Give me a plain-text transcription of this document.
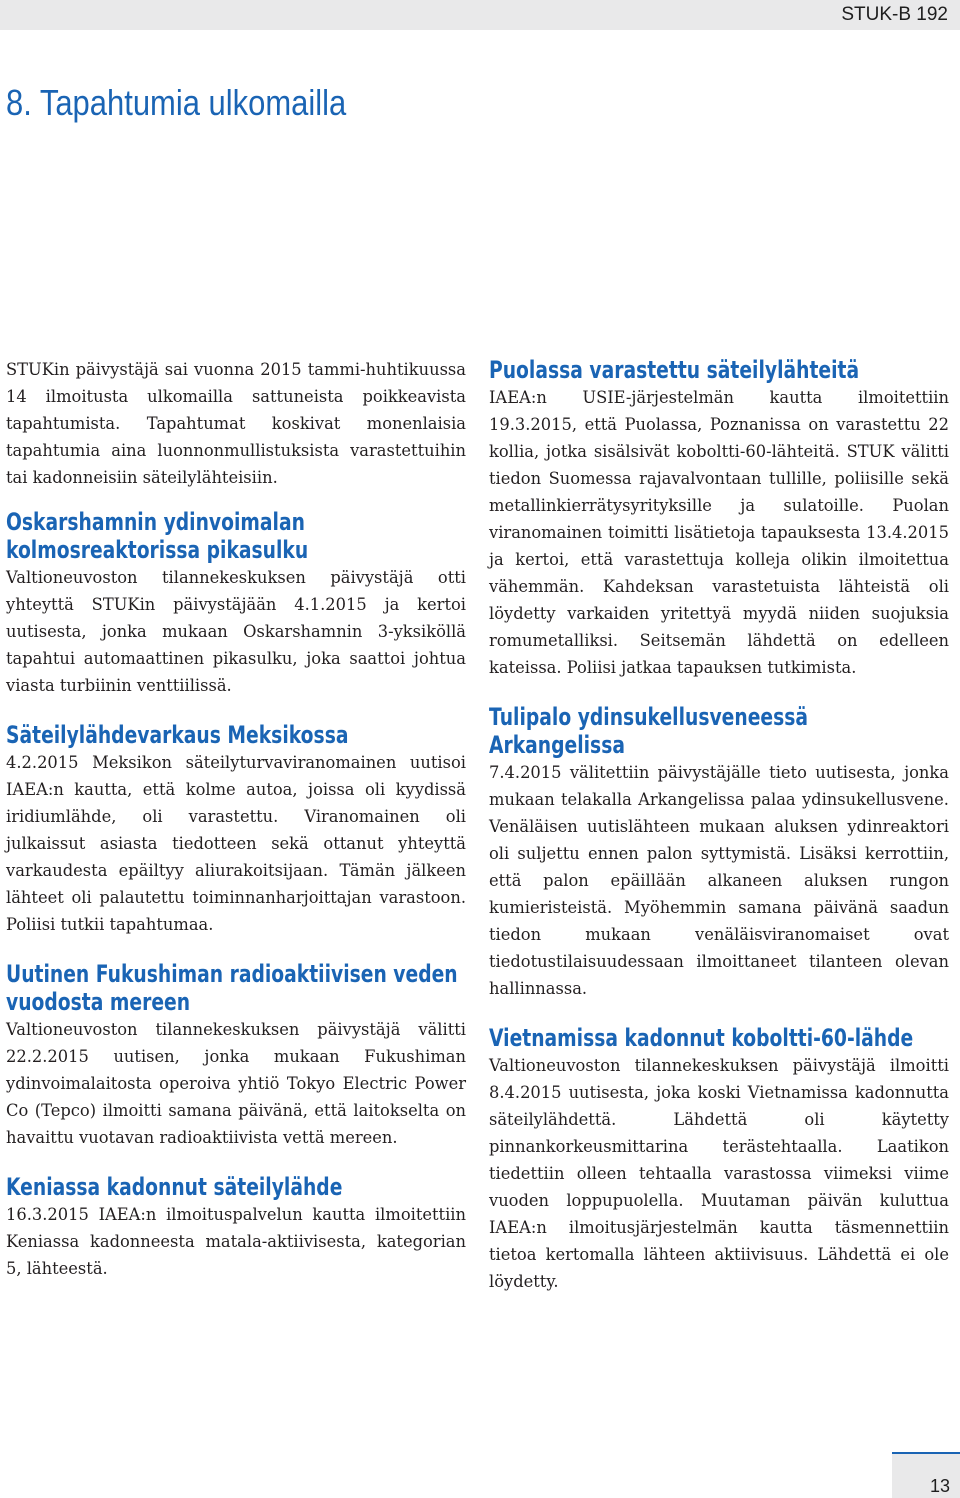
STUK-B 192
8. Tapahtumia ulkomailla

STUKin päivystäjä sai vuonna 2015 tammi-huhtikuussa 14 ilmoitusta ulkomailla sattuneista poikkeavista tapahtumista. Tapahtumat koskivat monenlaisia tapahtumia aina luonnonmullistuksista varastettuihin tai kadonneisiin säteilylähteisiin.

Oskarshamnin ydinvoimalan kolmosreaktorissa pikasulku

Valtioneuvoston tilannekeskuksen päivystäjä otti yhteyttä STUKin päivystäjään 4.1.2015 ja kertoi uutisesta, jonka mukaan Oskarshamnin 3-yksiköllä tapahtui automaattinen pikasulku, joka saattoi johtua viasta turbiinin venttiilissä.

Säteilylähdevarkaus Meksikossa

4.2.2015 Meksikon säteilyturvaviranomainen uutisoi IAEA:n kautta, että kolme autoa, joissa oli kyydissä iridiumlähde, oli varastettu. Viranomainen oli julkaissut asiasta tiedotteen sekä ottanut yhteyttä varkaudesta epäiltyy aliurakoitsijaan. Tämän jälkeen lähteet oli palautettu toiminnanharjoittajan varastoon. Poliisi tutkii tapahtumaa.

Uutinen Fukushiman radioaktiivisen veden vuodosta mereen

Valtioneuvoston tilannekeskuksen päivystäjä välitti 22.2.2015 uutisen, jonka mukaan Fukushiman ydinvoimalaitosta operoiva yhtiö Tokyo Electric Power Co (Tepco) ilmoitti samana päivänä, että laitokselta on havaittu vuotavan radioaktiivista vettä mereen.

Keniassa kadonnut säteilylähde

16.3.2015 IAEA:n ilmoituspalvelun kautta ilmoitettiin Keniassa kadonneesta matala-aktiivisesta, kategorian 5, lähteestä.

Puolassa varastettu säteilylähteitä

IAEA:n USIE-järjestelmän kautta ilmoitettiin 19.3.2015, että Puolassa, Poznanissa on varastettu 22 kollia, jotka sisälsivät koboltti-60-lähteitä. STUK välitti tiedon Suomessa rajavalvontaan tullille, poliisille sekä metallinkierrätysyrityksille ja sulatoille. Puolan viranomainen toimitti lisätietoja tapauksesta 13.4.2015 ja kertoi, että varastettuja kolleja olikin ilmoitettua vähemmän. Kahdeksan varastetuista lähteistä oli löydetty varkaiden yritettyä myydä niiden suojuksia romumetalliksi. Seitsemän lähdettä on edelleen kateissa. Poliisi jatkaa tapauksen tutkimista.

Tulipalo ydinsukellusveneessä Arkangelissa

7.4.2015 välitettiin päivystäjälle tieto uutisesta, jonka mukaan telakalla Arkangelissa palaa ydinsukellusvene. Venäläisen uutislähteen mukaan aluksen ydinreaktori oli suljettu ennen palon syttymistä. Lisäksi kerrottiin, että palon epäillään alkaneen aluksen rungon kumieristeistä. Myöhemmin samana päivänä saadun tiedon mukaan venäläisviranomaiset ovat tiedotustilaisuudessaan ilmoittaneet tilanteen olevan hallinnassa.

Vietnamissa kadonnut koboltti-60-lähde

Valtioneuvoston tilannekeskuksen päivystäjä ilmoitti 8.4.2015 uutisesta, joka koski Vietnamissa kadonnutta säteilylähdettä. Lähdettä oli käytetty pinnankorkeusmittarina terästehtaalla. Laatikon tiedettiin olleen tehtaalla varastossa viimeksi viime vuoden loppupuolella. Muutaman päivän kuluttua IAEA:n ilmoitusjärjestelmän kautta täsmennettiin tietoa kertomalla lähteen aktiivisuus. Lähdettä ei ole löydetty.

13
